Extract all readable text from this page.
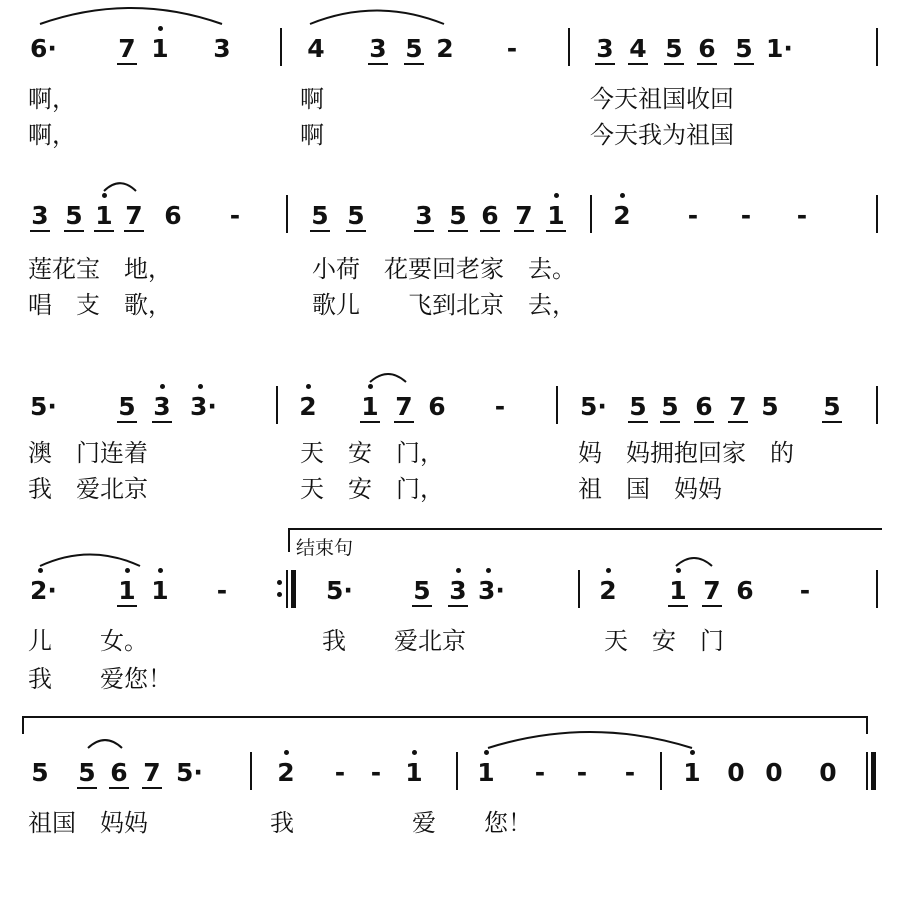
6· 7 1 3	4 3 5 2 -	3 4 5 6 5 1·
啊，	啊	今天祖国收回
啊，	啊	今天我为祖国
3 5 1 7 6 -	5 5 3 5 6 7 1 2 - - -
莲花宝　地，	小荷　花要回老家　去。
唱　支　歌，	歌儿　　飞到北京　去，
5· 5 3 3·	2 1 7 6 -	5· 5 5 6 7 5 5
澳　门连着	天　安　门，	妈　妈拥抱回家　的
我　爱北京	天　安　门，	祖　国　妈妈
2· 1 1 -	5· 5 3 3·	2 1 7 6 -
儿　　女。	我　　爱北京	天　安　门
我　　爱您！
结束句
5 5 6 7 5·	2 - - 1 1 - - - 1 0 0 0
祖国　妈妈	我	爱　　您！
